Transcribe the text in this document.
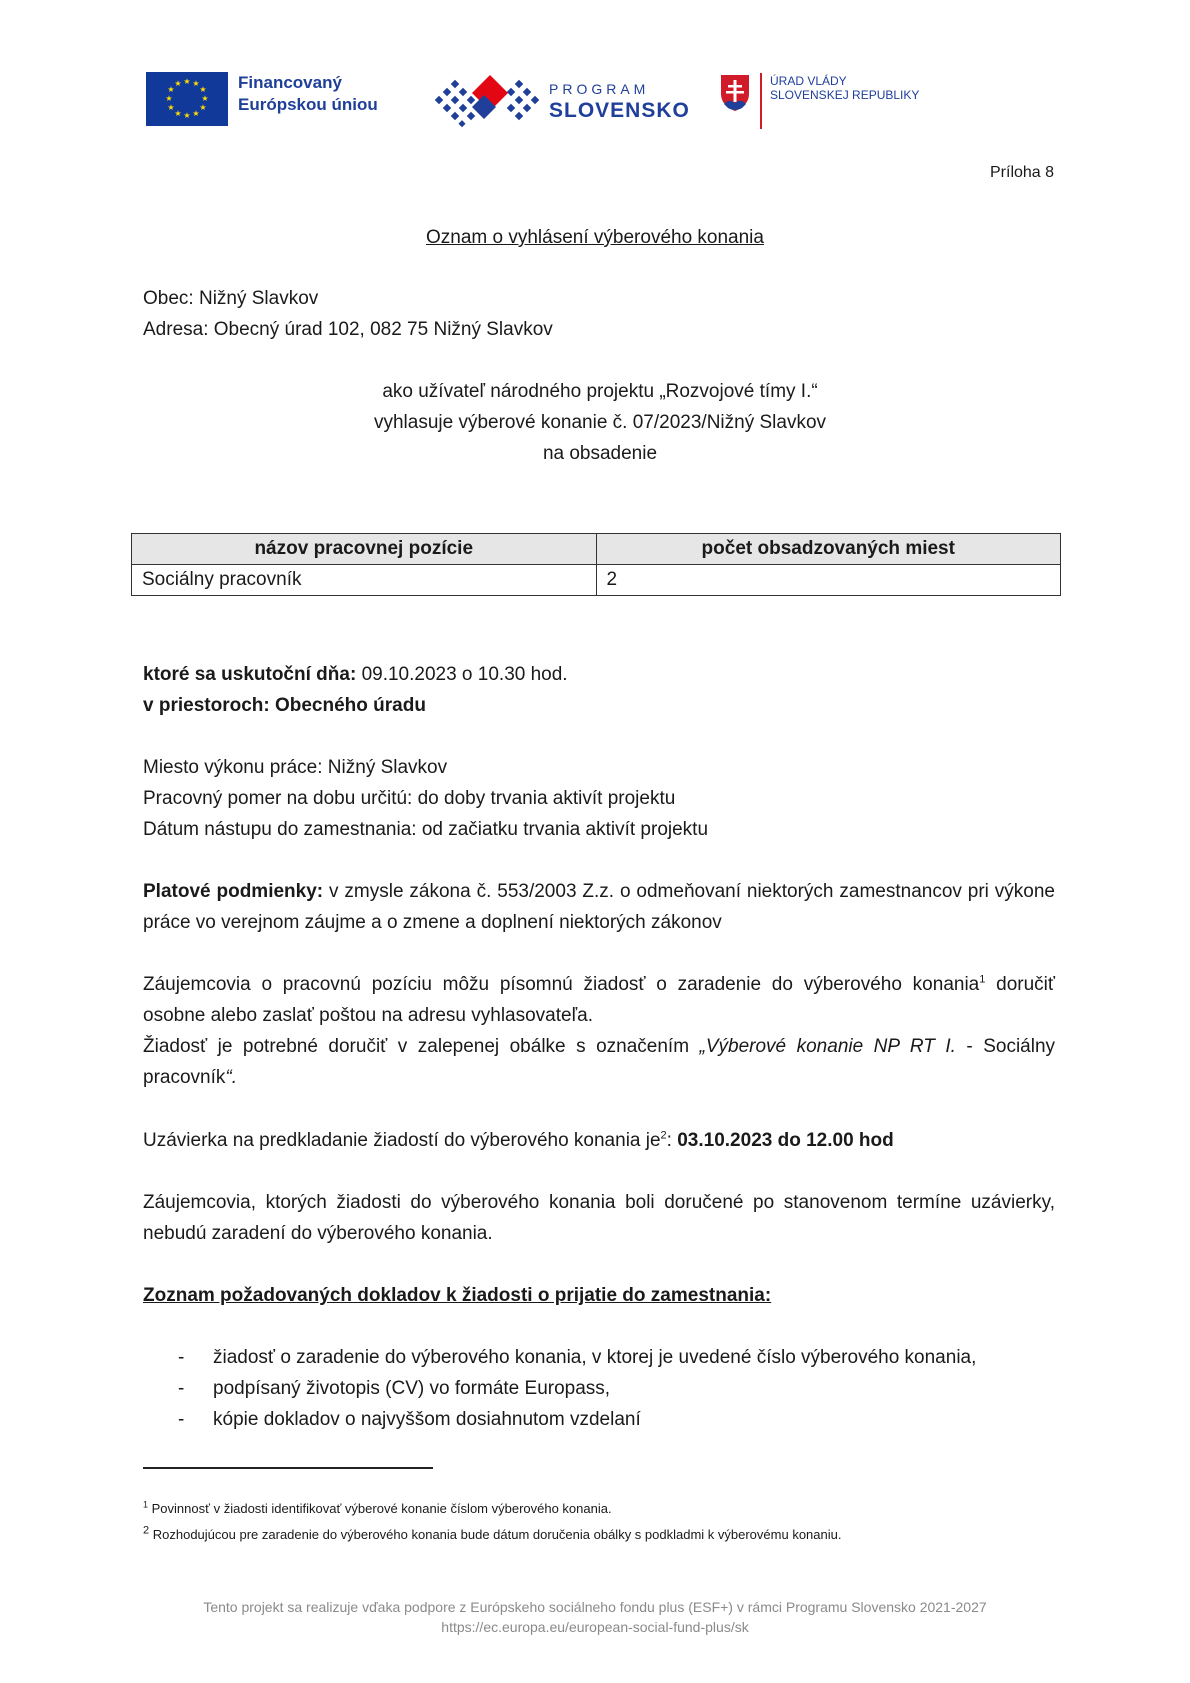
★ ★
★
★
★
★
★
★
★
★
★
★	Financovaný
Európskou úniou
PROGRAM
SLOVENSKO
ÚRAD VLÁDY
SLOVENSKEJ REPUBLIKY
Príloha 8
Oznam o vyhlásení výberového konania
Obec: Nižný Slavkov
Adresa: Obecný úrad 102, 082 75 Nižný Slavkov
ako užívateľ národného projektu „Rozvojové tímy I.“
vyhlasuje výberové konanie č. 07/2023/Nižný Slavkov
na obsadenie
názov pracovnej pozície	počet obsadzovaných miest
Sociálny pracovník	2
ktoré sa uskutoční dňa: 09.10.2023 o 10.30 hod.
v priestoroch: Obecného úradu
Miesto výkonu práce: Nižný Slavkov
Pracovný pomer na dobu určitú: do doby trvania aktivít projektu
Dátum nástupu do zamestnania: od začiatku trvania aktivít projektu
Platové podmienky: v zmysle zákona č. 553/2003 Z.z. o odmeňovaní niektorých zamestnancov pri výkone práce vo verejnom záujme a o zmene a doplnení niektorých zákonov
Záujemcovia o pracovnú pozíciu môžu písomnú žiadosť o zaradenie do výberového konania$^1$ doručiť osobne alebo zaslať poštou na adresu vyhlasovateľa.
Žiadosť je potrebné doručiť v zalepenej obálke s označením „Výberové konanie NP RT I. - Sociálny pracovník“.
Uzávierka na predkladanie žiadostí do výberového konania $je^2$: 03.10.2023 do 12.00 hod
Záujemcovia, ktorých žiadosti do výberového konania boli doručené po stanovenom termíne uzávierky, nebudú zaradení do výberového konania.
Zoznam požadovaných dokladov k žiadosti o prijatie do zamestnania:
- žiadosť o zaradenie do výberového konania, v ktorej je uvedené číslo výberového konania,
- podpísaný životopis (CV) vo formáte Europass,
- kópie dokladov o najvyššom dosiahnutom vzdelaní
$^1$ Povinnosť v žiadosti identifikovať výberové konanie číslom výberového konania.
$^2$ Rozhodujúcou pre zaradenie do výberového konania bude dátum doručenia obálky s podkladmi k výberovému konaniu.
Tento projekt sa realizuje vďaka podpore z Európskeho sociálneho fondu plus (ESF+) v rámci Programu Slovensko 2021-2027
https://ec.europa.eu/european-social-fund-plus/sk
